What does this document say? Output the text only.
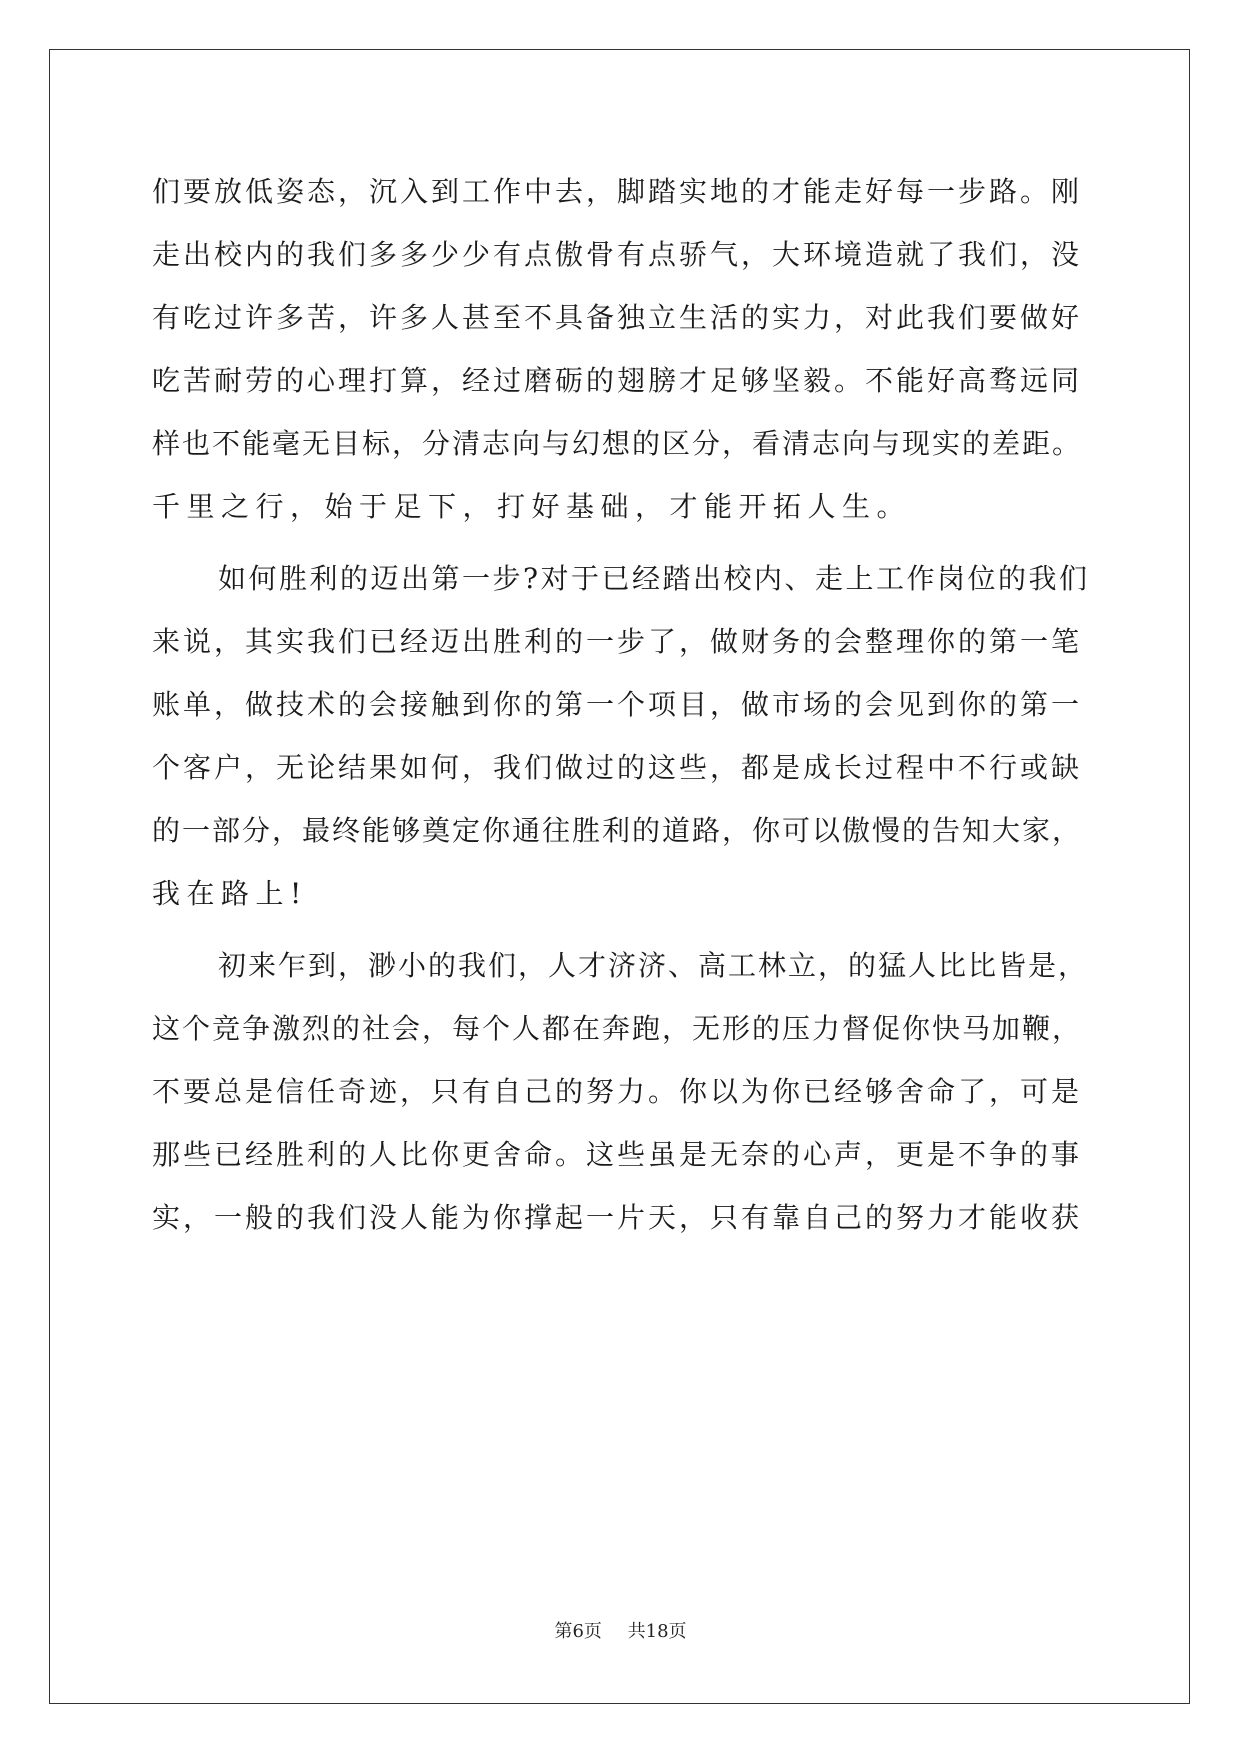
们要放低姿态，沉入到工作中去，脚踏实地的才能走好每一步路。刚
走出校内的我们多多少少有点傲骨有点骄气，大环境造就了我们，没
有吃过许多苦，许多人甚至不具备独立生活的实力，对此我们要做好
吃苦耐劳的心理打算，经过磨砺的翅膀才足够坚毅。不能好高骛远同
样也不能毫无目标，分清志向与幻想的区分，看清志向与现实的差距。
千里之行，始于足下，打好基础，才能开拓人生。
如何胜利的迈出第一步?对于已经踏出校内、走上工作岗位的我们
来说，其实我们已经迈出胜利的一步了，做财务的会整理你的第一笔
账单，做技术的会接触到你的第一个项目，做市场的会见到你的第一
个客户，无论结果如何，我们做过的这些，都是成长过程中不行或缺
的一部分，最终能够奠定你通往胜利的道路，你可以傲慢的告知大家，
我在路上!
初来乍到，渺小的我们，人才济济、高工林立，的猛人比比皆是，
这个竞争激烈的社会，每个人都在奔跑，无形的压力督促你快马加鞭，
不要总是信任奇迹，只有自己的努力。你以为你已经够舍命了，可是
那些已经胜利的人比你更舍命。这些虽是无奈的心声，更是不争的事
实，一般的我们没人能为你撑起一片天，只有靠自己的努力才能收获
第6页 共18页
